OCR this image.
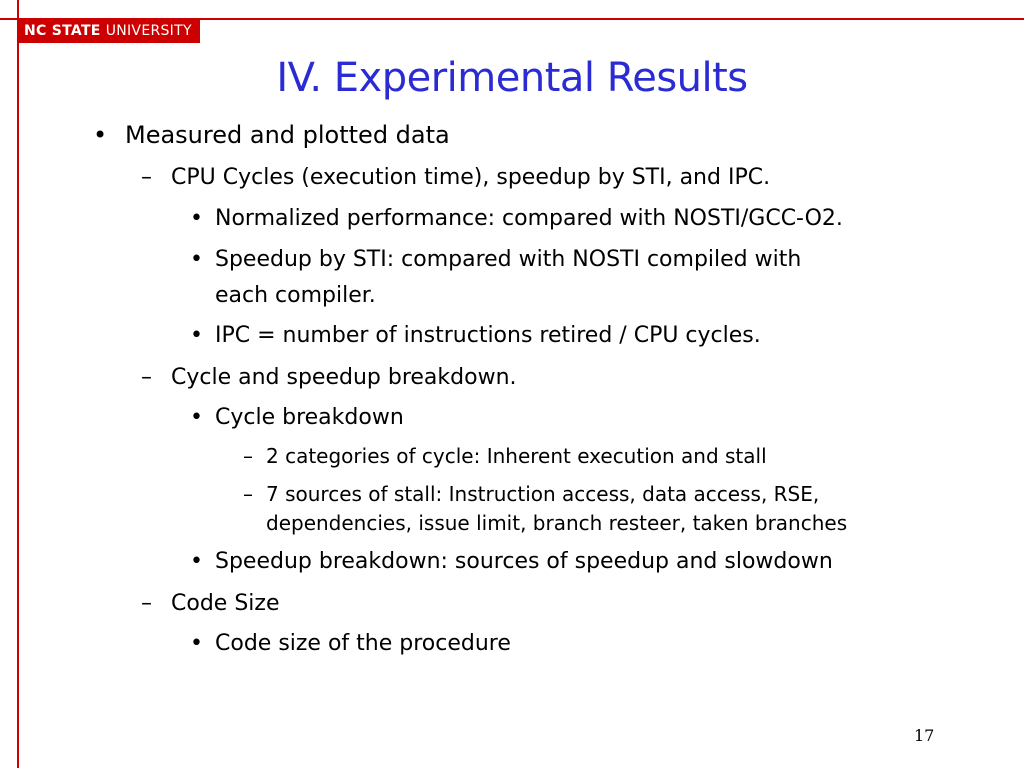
NC STATE UNIVERSITY
IV. Experimental Results
• Measured and plotted data
– CPU Cycles (execution time), speedup by STI, and IPC.
• Normalized performance: compared with NOSTI/GCC-O2.
• Speedup by STI: compared with NOSTI compiled with
each compiler.
• IPC = number of instructions retired / CPU cycles.
– Cycle and speedup breakdown.
• Cycle breakdown
– 2 categories of cycle: Inherent execution and stall
– 7 sources of stall: Instruction access, data access, RSE,
dependencies, issue limit, branch resteer, taken branches
• Speedup breakdown: sources of speedup and slowdown
– Code Size
• Code size of the procedure
17
